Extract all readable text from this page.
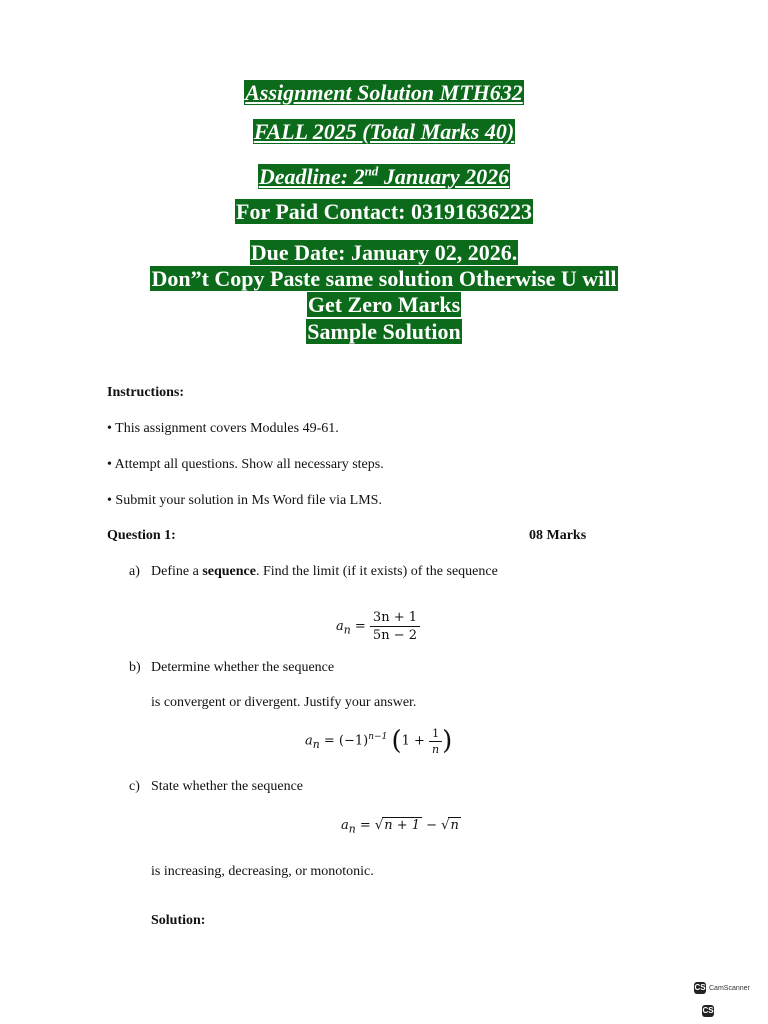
Assignment Solution MTH632
FALL 2025 (Total Marks 40)
Deadline: 2nd January 2026
For Paid Contact: 03191636223
Due Date: January 02, 2026.
Don”t Copy Paste same solution Otherwise U will
Get Zero Marks
Sample Solution
Instructions:
• This assignment covers Modules 49-61.
• Attempt all questions. Show all necessary steps.
• Submit your solution in Ms Word file via LMS.
Question 1:	08 Marks
a) Define a sequence. Find the limit (if it exists) of the sequence
$a_n = \frac{3n + 1}{5n - 2}$
b) Determine whether the sequence
is convergent or divergent. Justify your answer.
$a_n = (-1)^{n-1}$ ($1 + \frac{1}{n}$ )
c) State whether the sequence
$a_n = √n + 1 - √n$
is increasing, decreasing, or monotonic.
Solution:
CS CamScanner
CS
